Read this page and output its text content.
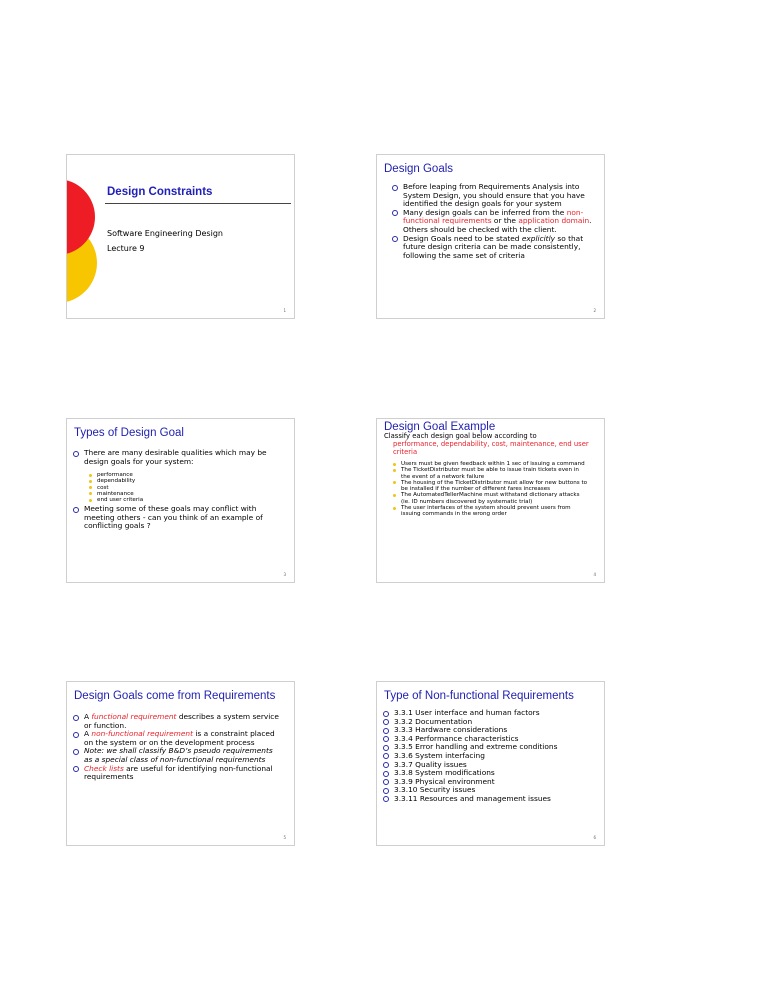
Design Constraints
Software Engineering Design
Lecture 9
1
Design Goals
Before leaping from Requirements Analysis into System Design, you should ensure that you have identified the design goals for your system
Many design goals can be inferred from the non-functional requirements or the application domain. Others should be checked with the client.
Design Goals need to be stated explicitly so that future design criteria can be made consistently, following the same set of criteria
2
Types of Design Goal
There are many desirable qualities which may be design goals for your system:
performance
dependability
cost
maintenance
end user criteria
Meeting some of these goals may conflict with meeting others - can you think of an example of conflicting goals ?
3
Design Goal Example
Classify each design goal below according to
performance, dependability, cost, maintenance, end user criteria
Users must be given feedback within 1 sec of issuing a command
The TicketDistributor must be able to issue train tickets even in the event of a network failure
The housing of the TicketDistributor must allow for new buttons to be installed if the number of different fares increases
The AutomatedTellerMachine must withstand dictionary attacks (ie. ID numbers discovered by systematic trial)
The user interfaces of the system should prevent users from issuing commands in the wrong order
4
Design Goals come from Requirements
A functional requirement describes a system service or function.
A non-functional requirement is a constraint placed on the system or on the development process
Note: we shall classify B&D’s pseudo requirements as a special class of non-functional requirements
Check lists are useful for identifying non-functional requirements
5
Type of Non-functional Requirements
3.3.1 User interface and human factors
3.3.2 Documentation
3.3.3 Hardware considerations
3.3.4 Performance characteristics
3.3.5 Error handling and extreme conditions
3.3.6 System interfacing
3.3.7 Quality issues
3.3.8 System modifications
3.3.9 Physical environment
3.3.10 Security issues
3.3.11 Resources and management issues
6
